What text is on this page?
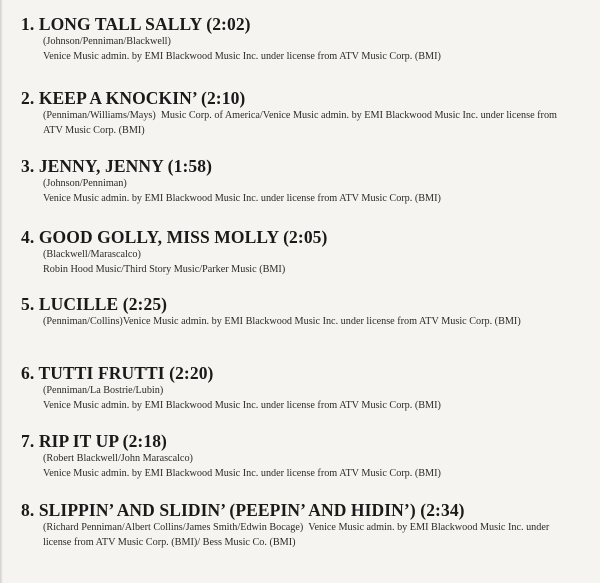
1. LONG TALL SALLY (2:02)
(Johnson/Penniman/Blackwell)
Venice Music admin. by EMI Blackwood Music Inc. under license from ATV Music Corp. (BMI)
2. KEEP A KNOCKIN’ (2:10)
(Penniman/Williams/Mays) Music Corp. of America/Venice Music admin. by EMI Blackwood Music Inc. under license from ATV Music Corp. (BMI)
3. JENNY, JENNY (1:58)
(Johnson/Penniman)
Venice Music admin. by EMI Blackwood Music Inc. under license from ATV Music Corp. (BMI)
4. GOOD GOLLY, MISS MOLLY (2:05)
(Blackwell/Marascalco)
Robin Hood Music/Third Story Music/Parker Music (BMI)
5. LUCILLE (2:25)
(Penniman/Collins)Venice Music admin. by EMI Blackwood Music Inc. under license from ATV Music Corp. (BMI)
6. TUTTI FRUTTI (2:20)
(Penniman/La Bostrie/Lubin)
Venice Music admin. by EMI Blackwood Music Inc. under license from ATV Music Corp. (BMI)
7. RIP IT UP (2:18)
(Robert Blackwell/John Marascalco)
Venice Music admin. by EMI Blackwood Music Inc. under license from ATV Music Corp. (BMI)
8. SLIPPIN’ AND SLIDIN’ (PEEPIN’ AND HIDIN’) (2:34)
(Richard Penniman/Albert Collins/James Smith/Edwin Bocage) Venice Music admin. by EMI Blackwood Music Inc. under license from ATV Music Corp. (BMI)/ Bess Music Co. (BMI)
